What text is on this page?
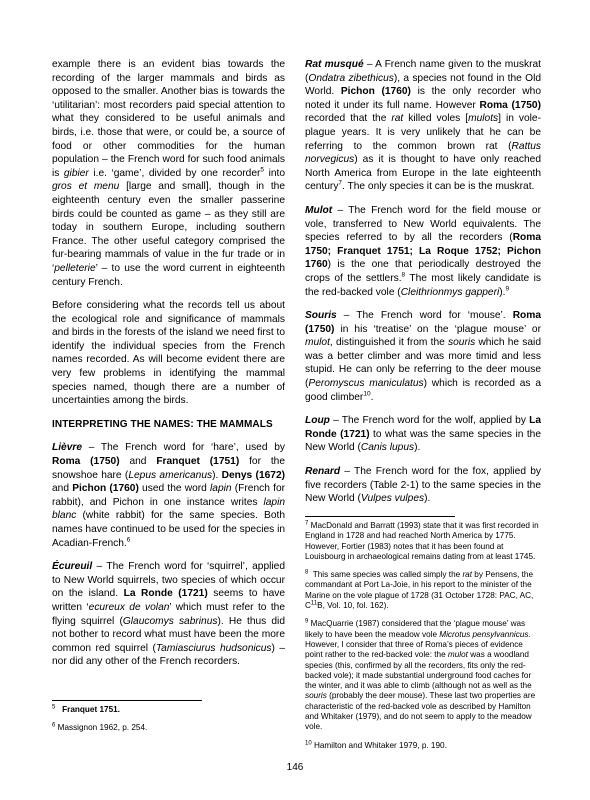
example there is an evident bias towards the recording of the larger mammals and birds as opposed to the smaller. Another bias is towards the ‘utilitarian’: most recorders paid special attention to what they considered to be useful animals and birds, i.e. those that were, or could be, a source of food or other commodities for the human population – the French word for such food animals is gibier i.e. ‘game’, divided by one recorder$^5$ into gros et menu [large and small], though in the eighteenth century even the smaller passerine birds could be counted as game – as they still are today in southern Europe, including southern France. The other useful category comprised the fur-bearing mammals of value in the fur trade or in ‘pelleterie’ – to use the word current in eighteenth century French.

Before considering what the records tell us about the ecological role and significance of mammals and birds in the forests of the island we need first to identify the individual species from the French names recorded. As will become evident there are very few problems in identifying the mammal species named, though there are a number of uncertainties among the birds.

INTERPRETING THE NAMES: THE MAMMALS

Lièvre – The French word for ‘hare’, used by Roma (1750) and Franquet (1751) for the snowshoe hare (Lepus americanus). Denys (1672) and Pichon (1760) used the word lapin (French for rabbit), and Pichon in one instance writes lapin blanc (white rabbit) for the same species. Both names have continued to be used for the species in Acadian-French.$^6$

Écureuil – The French word for ‘squirrel’, applied to New World squirrels, two species of which occur on the island. La Ronde (1721) seems to have written ‘ecureux de volan’ which must refer to the flying squirrel (Glaucomys sabrinus). He thus did not bother to record what must have been the more common red squirrel (Tamiasciurus hudsonicus) – nor did any other of the French recorders.

$^5$ Franquet 1751.
$^6$ Massignon 1962, p. 254.

Rat musqué – A French name given to the muskrat (Ondatra zibethicus), a species not found in the Old World. Pichon (1760) is the only recorder who noted it under its full name. However Roma (1750) recorded that the rat killed voles [mulots] in vole-plague years. It is very unlikely that he can be referring to the common brown rat (Rattus norvegicus) as it is thought to have only reached North America from Europe in the late eighteenth century$^7$. The only species it can be is the muskrat.

Mulot – The French word for the field mouse or vole, transferred to New World equivalents. The species referred to by all the recorders (Roma 1750; Franquet 1751; La Roque 1752; Pichon 1760) is the one that periodically destroyed the crops of the settlers.$^8$ The most likely candidate is the red-backed vole (Cleithrionmys gapperi).$^9$

Souris – The French word for ‘mouse’. Roma (1750) in his ‘treatise’ on the ‘plague mouse’ or mulot, distinguished it from the souris which he said was a better climber and was more timid and less stupid. He can only be referring to the deer mouse (Peromyscus maniculatus) which is recorded as a good climber$^{10}$.

Loup – The French word for the wolf, applied by La Ronde (1721) to what was the same species in the New World (Canis lupus).

Renard – The French word for the fox, applied by five recorders (Table 2-1) to the same species in the New World (Vulpes vulpes).

$^7$ MacDonald and Barratt (1993) state that it was first recorded in England in 1728 and had reached North America by 1775. However, Fortier (1983) notes that it has been found at Louisbourg in archaeological remains dating from at least 1745.
$^8$  This same species was called simply the rat by Pensens, the commandant at Port La-Joie, in his report to the minister of the Marine on the vole plague of 1728 (31 October 1728: PAC, AC, $C^{11}B$, Vol. 10, fol. 162).
$^9$ MacQuarrie (1987) considered that the ‘plague mouse’ was likely to have been the meadow vole Microtus pensylvannicus. However, I consider that three of Roma’s pieces of evidence point rather to the red-backed vole: the mulot was a woodland species (this, confirmed by all the recorders, fits only the red-backed vole); it made substantial underground food caches for the winter, and it was able to climb (although not as well as the souris (probably the deer mouse). These last two properties are characteristic of the red-backed vole as described by Hamilton and Whitaker (1979), and do not seem to apply to the meadow vole.
$^{10}$ Hamilton and Whitaker 1979, p. 190.
146
